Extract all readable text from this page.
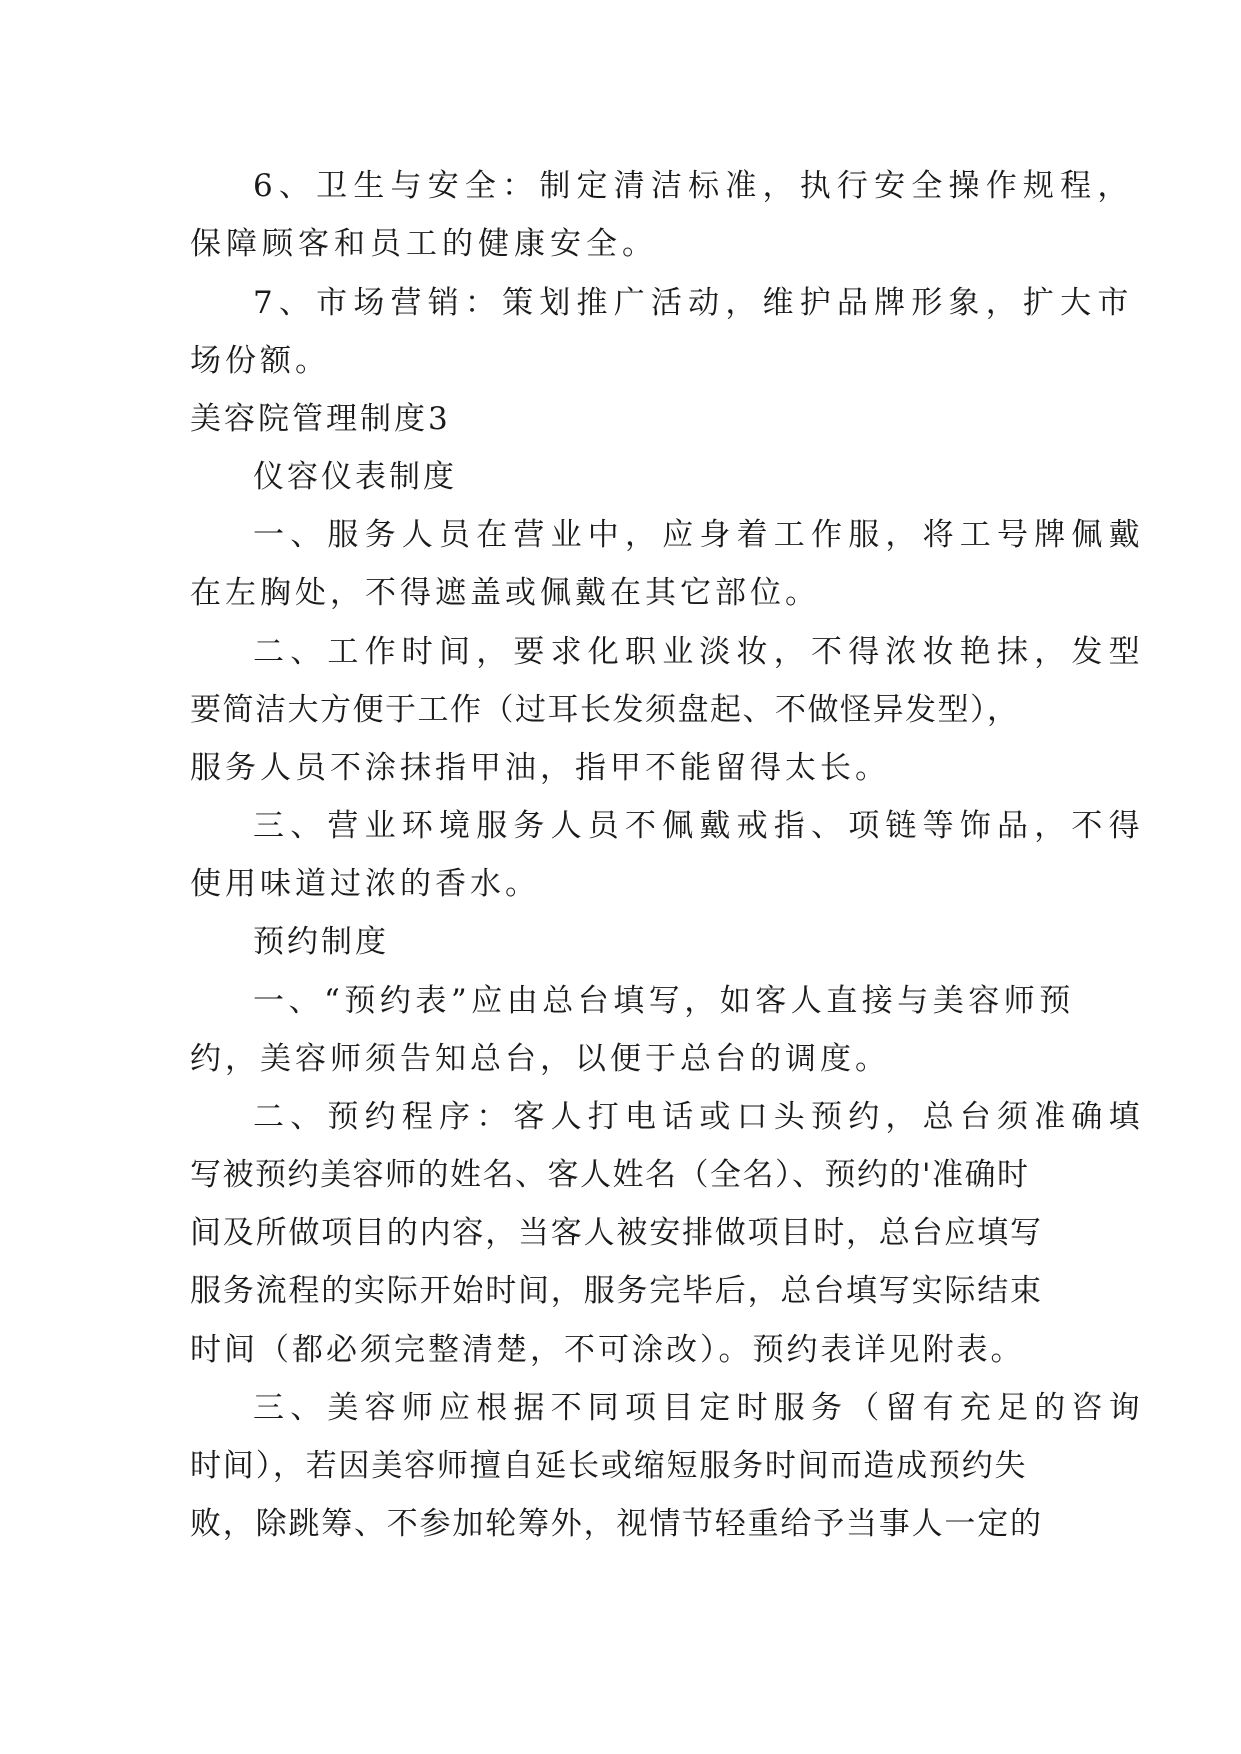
6、卫生与安全：制定清洁标准，执行安全操作规程，
保障顾客和员工的健康安全。
7、市场营销：策划推广活动，维护品牌形象，扩大市
场份额。
美容院管理制度3
仪容仪表制度
一、服务人员在营业中，应身着工作服，将工号牌佩戴
在左胸处，不得遮盖或佩戴在其它部位。
二、工作时间，要求化职业淡妆，不得浓妆艳抹，发型
要简洁大方便于工作（过耳长发须盘起、不做怪异发型），
服务人员不涂抹指甲油，指甲不能留得太长。
三、营业环境服务人员不佩戴戒指、项链等饰品，不得
使用味道过浓的香水。
预约制度
一、“预约表”应由总台填写，如客人直接与美容师预
约，美容师须告知总台，以便于总台的调度。
二、预约程序：客人打电话或口头预约，总台须准确填
写被预约美容师的姓名、客人姓名（全名）、预约的'准确时
间及所做项目的内容，当客人被安排做项目时，总台应填写
服务流程的实际开始时间，服务完毕后，总台填写实际结束
时间（都必须完整清楚，不可涂改）。预约表详见附表。
三、美容师应根据不同项目定时服务（留有充足的咨询
时间），若因美容师擅自延长或缩短服务时间而造成预约失
败，除跳筹、不参加轮筹外，视情节轻重给予当事人一定的
